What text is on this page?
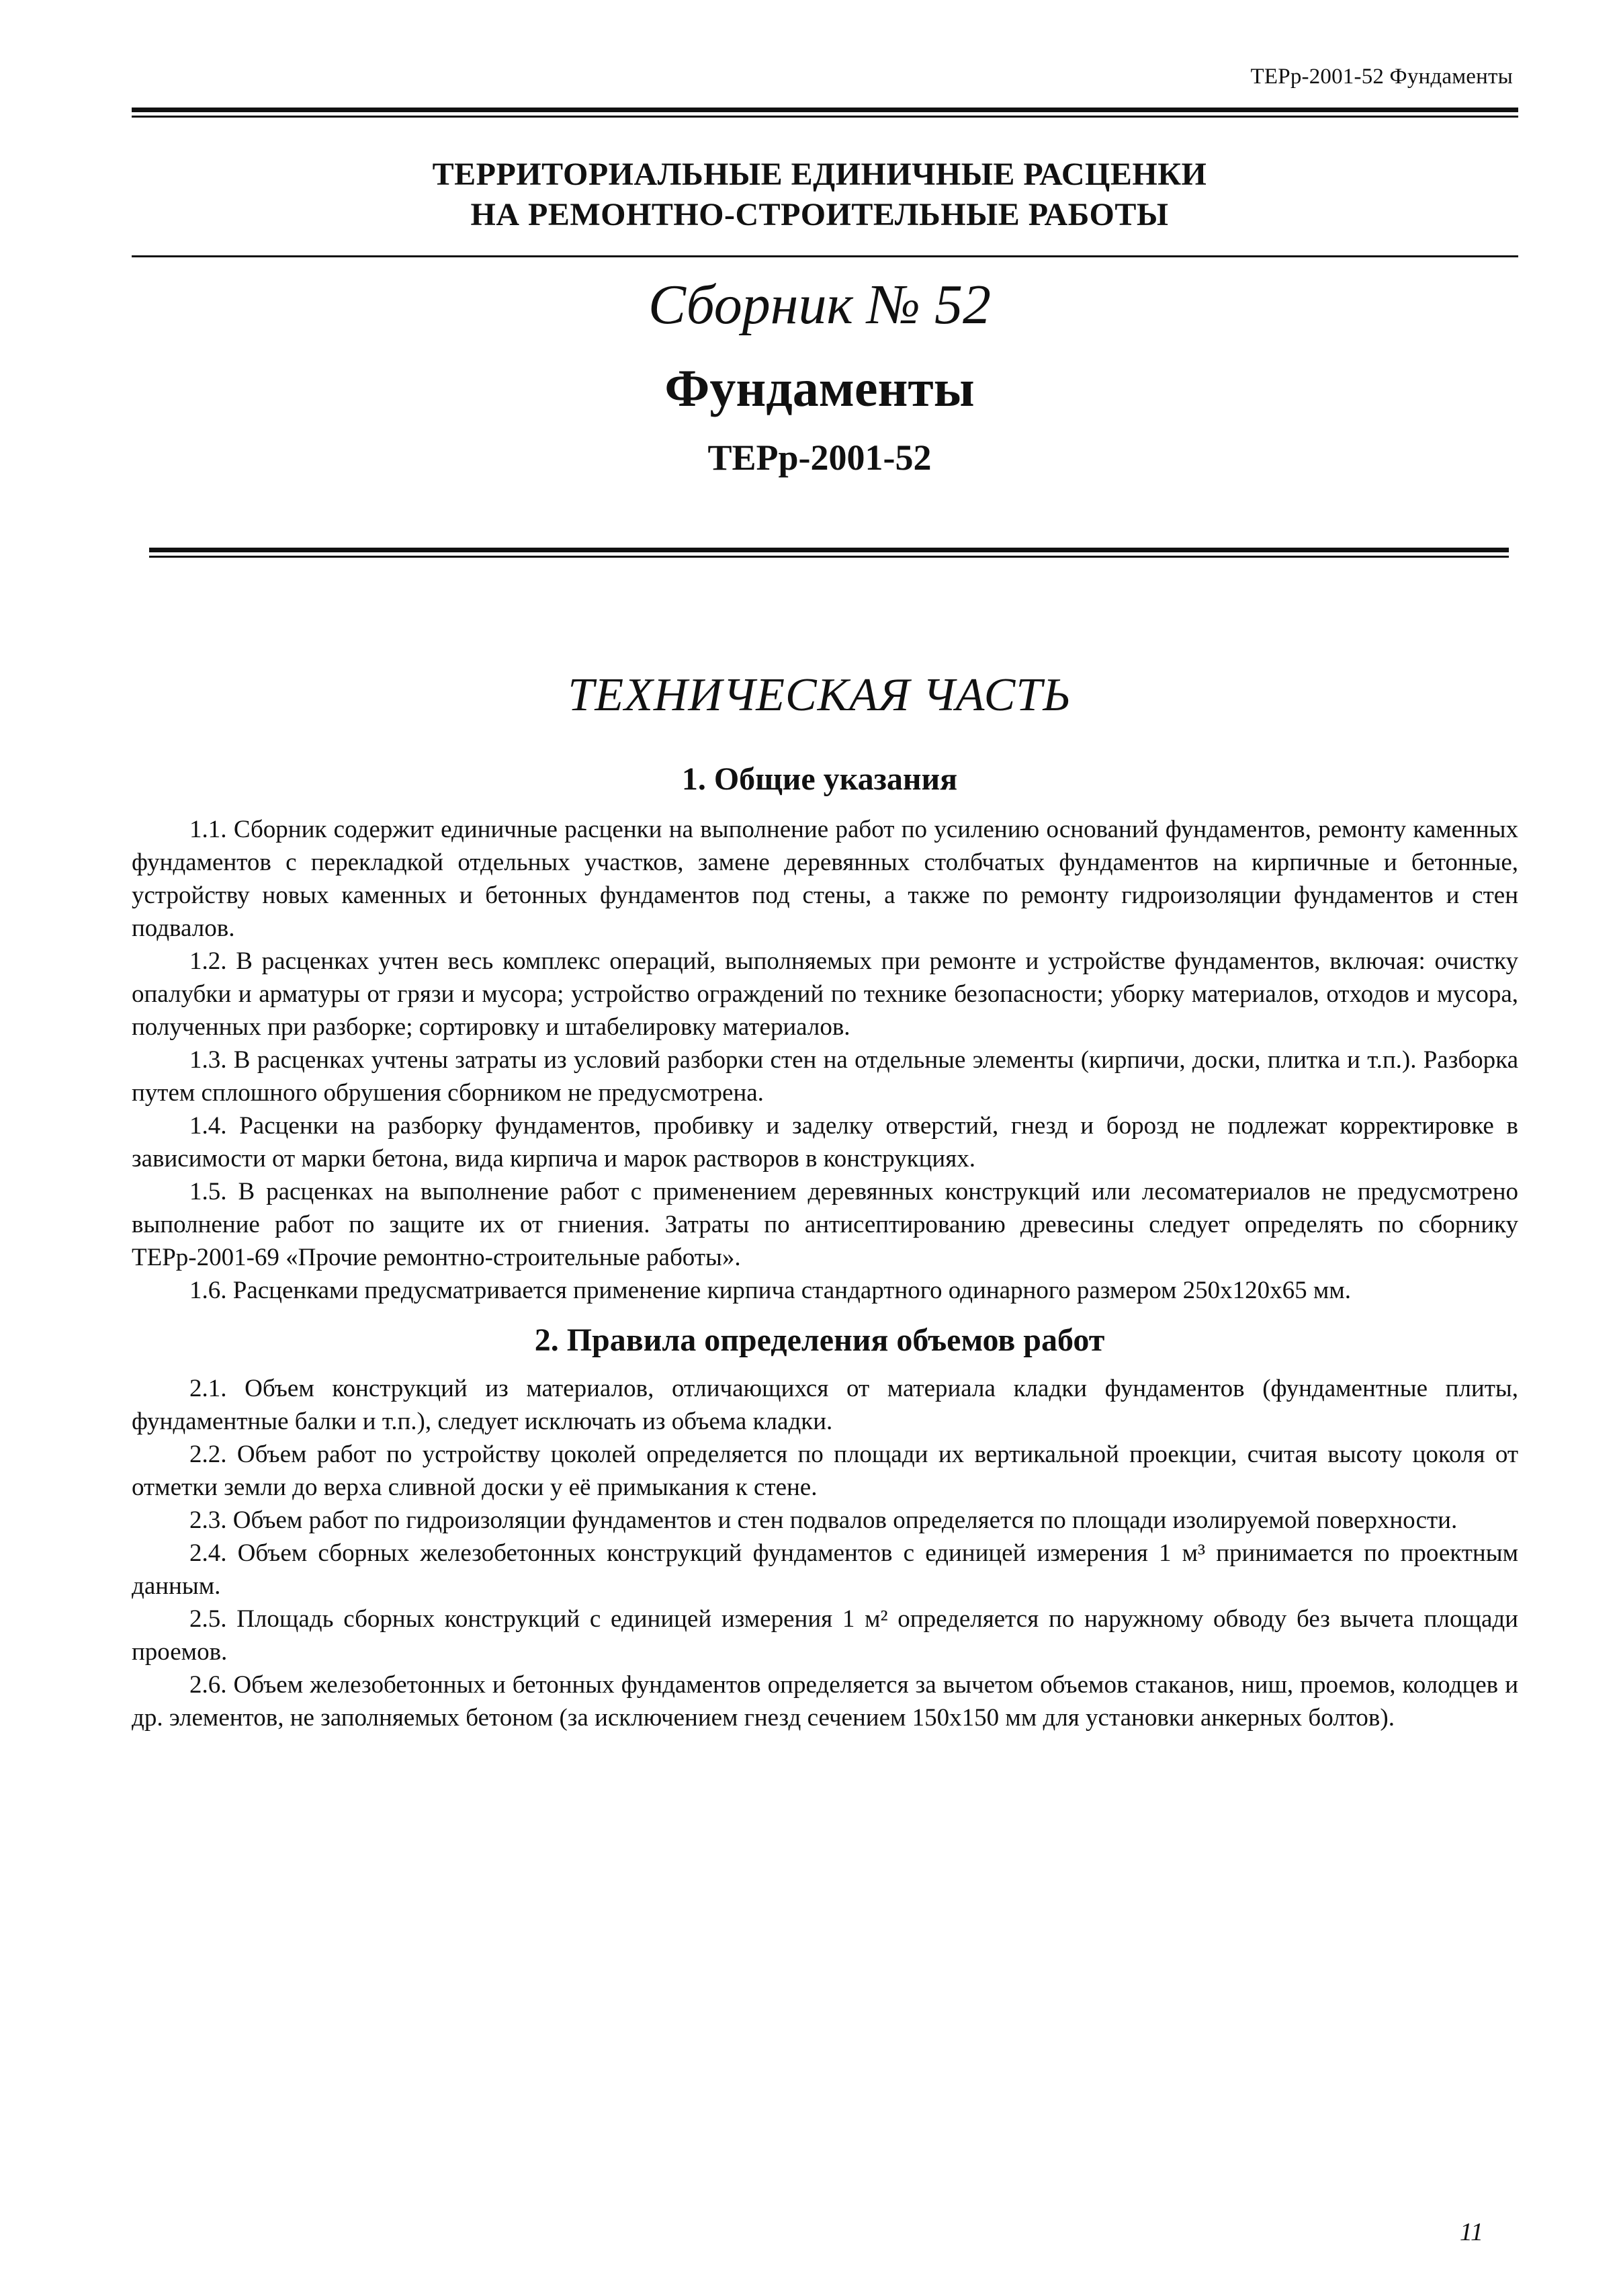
ТЕРр-2001-52 Фундаменты
ТЕРРИТОРИАЛЬНЫЕ ЕДИНИЧНЫЕ РАСЦЕНКИ
НА РЕМОНТНО-СТРОИТЕЛЬНЫЕ РАБОТЫ
Сборник № 52
Фундаменты
ТЕРр-2001-52
ТЕХНИЧЕСКАЯ ЧАСТЬ
1. Общие указания

1.1. Сборник содержит единичные расценки на выполнение работ по усилению оснований фундаментов, ремонту каменных фундаментов с перекладкой отдельных участков, замене деревянных столбчатых фундаментов на кирпичные и бетонные, устройству новых каменных и бетонных фундаментов под стены, а также по ремонту гидроизоляции фундаментов и стен подвалов.

1.2. В расценках учтен весь комплекс операций, выполняемых при ремонте и устройстве фундаментов, включая: очистку опалубки и арматуры от грязи и мусора; устройство ограждений по технике безопасности; уборку материалов, отходов и мусора, полученных при разборке; сортировку и штабелировку материалов.

1.3. В расценках учтены затраты из условий разборки стен на отдельные элементы (кирпичи, доски, плитка и т.п.). Разборка путем сплошного обрушения сборником не предусмотрена.

1.4. Расценки на разборку фундаментов, пробивку и заделку отверстий, гнезд и борозд не подлежат корректировке в зависимости от марки бетона, вида кирпича и марок растворов в конструкциях.

1.5. В расценках на выполнение работ с применением деревянных конструкций или лесоматериалов не предусмотрено выполнение работ по защите их от гниения. Затраты по антисептированию древесины следует определять по сборнику ТЕРр-2001-69 «Прочие ремонтно-строительные работы».

1.6. Расценками предусматривается применение кирпича стандартного одинарного размером 250х120х65 мм.

2. Правила определения объемов работ

2.1. Объем конструкций из материалов, отличающихся от материала кладки фундаментов (фундаментные плиты, фундаментные балки и т.п.), следует исключать из объема кладки.

2.2. Объем работ по устройству цоколей определяется по площади их вертикальной проекции, считая высоту цоколя от отметки земли до верха сливной доски у её примыкания к стене.

2.3. Объем работ по гидроизоляции фундаментов и стен подвалов определяется по площади изолируемой поверхности.

2.4. Объем сборных железобетонных конструкций фундаментов с единицей измерения 1 м³ принимается по проектным данным.

2.5. Площадь сборных конструкций с единицей измерения 1 м² определяется по наружному обводу без вычета площади проемов.

2.6. Объем железобетонных и бетонных фундаментов определяется за вычетом объемов стаканов, ниш, проемов, колодцев и др. элементов, не заполняемых бетоном (за исключением гнезд сечением 150х150 мм для установки анкерных болтов).

11
